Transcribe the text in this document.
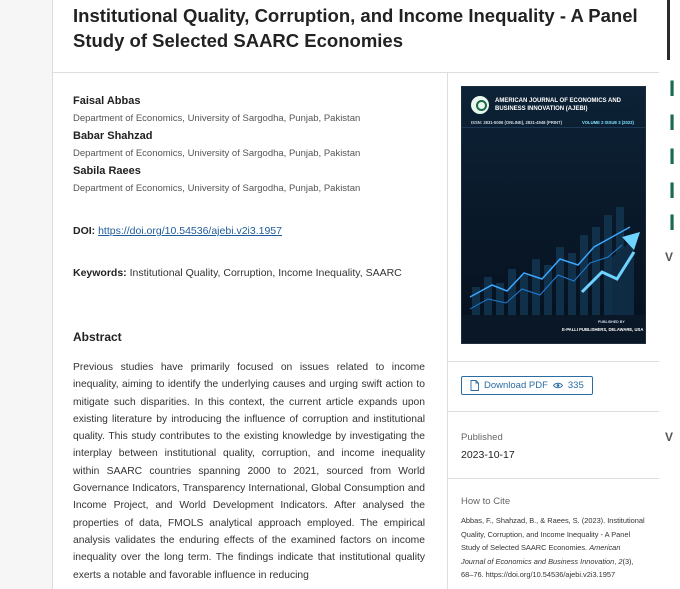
Institutional Quality, Corruption, and Income Inequality - A Panel Study of Selected SAARC Economies
Faisal Abbas
Department of Economics, University of Sargodha, Punjab, Pakistan
Babar Shahzad
Department of Economics, University of Sargodha, Punjab, Pakistan
Sabila Raees
Department of Economics, University of Sargodha, Punjab, Pakistan
DOI: https://doi.org/10.54536/ajebi.v2i3.1957
Keywords: Institutional Quality, Corruption, Income Inequality, SAARC
Abstract

Previous studies have primarily focused on issues related to income inequality, aiming to identify the underlying causes and urging swift action to mitigate such disparities. In this context, the current article expands upon existing literature by introducing the influence of corruption and institutional quality. This study contributes to the existing knowledge by investigating the interplay between institutional quality, corruption, and income inequality within SAARC countries spanning 2000 to 2021, sourced from World Governance Indicators, Transparency International, Global Consumption and Income Project, and World Development Indicators. After analysed the properties of data, FMOLS analytical approach employed. The empirical analysis validates the enduring effects of the examined factors on income inequality over the long term. The findings indicate that institutional quality exerts a notable and favorable influence in reducing

AMERICAN JOURNAL OF ECONOMICS AND BUSINESS INNOVATION (AJEBI)
ISSN: 2831-5006 (ONLINE), 2831-4948 (PRINT)	VOLUME 2 ISSUE 3 (2023)
PUBLISHED BY
E-PALLI PUBLISHERS, DELAWARE, USA
Download PDF 335
Published
2023-10-17
How to Cite

Abbas, F., Shahzad, B., & Raees, S. (2023). Institutional Quality, Corruption, and Income Inequality - A Panel Study of Selected SAARC Economies. American Journal of Economics and Business Innovation, 2(3), 68–76. https://doi.org/10.54536/ajebi.v2i3.1957

I
I
I
I
I
V
V
